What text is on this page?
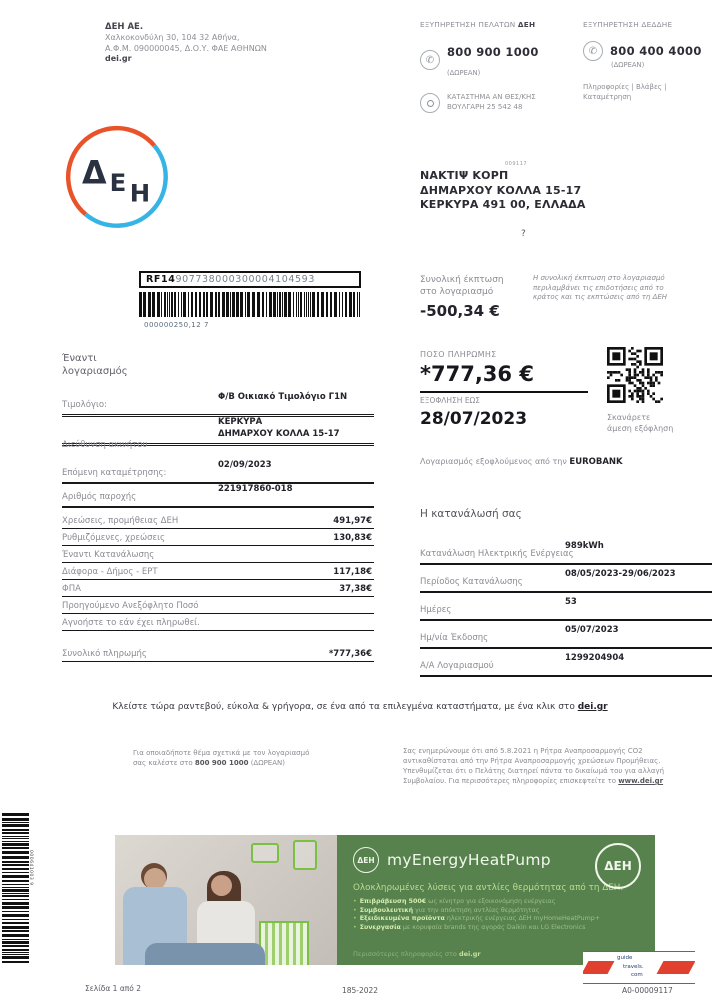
ΔΕΗ ΑΕ.
Χαλκοκονδύλη 30, 104 32 Αθήνα,
Α.Φ.Μ. 090000045, Δ.Ο.Υ. ΦΑΕ ΑΘΗΝΩΝ
dei.gr
ΕΞΥΠΗΡΕΤΗΣΗ ΠΕΛΑΤΩΝ ΔΕΗ
✆
800 900 1000 (ΔΩΡΕΑΝ)
ΚΑΤΑΣΤΗΜΑ ΑΝ ΘΕΣ/ΚΗΣ
ΒΟΥΛΓΑΡΗ 25 542 48
ΕΞΥΠΗΡΕΤΗΣΗ ΔΕΔΔΗΕ
✆	800 400 4000
(ΔΩΡΕΑΝ)
Πληροφορίες | Βλάβες |
Καταμέτρηση
Δ Ε Η
009117
ΝΑΚΤΙΨ ΚΟΡΠ
ΔΗΜΑΡΧΟΥ ΚΟΛΛΑ 15-17
ΚΕΡΚΥΡΑ 491 00, ΕΛΛΑΔΑ
?
RF14 907738000300004104593
000000250,12 7
Συνολική έκπτωση
στο λογαριασμό
-500,34 €
Η συνολική έκπτωση στο λογαριασμό περιλαμβάνει τις επιδοτήσεις από το κράτος και τις εκπτώσεις από τη ΔΕΗ
Έναντι
λογαριασμός
ΠΟΣΟ ΠΛΗΡΩΜΗΣ
*777,36 €
ΕΞΟΦΛΗΣΗ ΕΩΣ
28/07/2023	Σκανάρετε
άμεση εξόφληση
Λογαριασμός εξοφλούμενος από την EUROBANK
Τιμολόγιο:
Φ/Β Οικιακό Τιμολόγιο Γ1Ν
$_{\Delta\iota\varepsilon ύ\theta\upsilon\nu\sigma\eta \alpha\kappa\iota\nu ή\tau o\upsilon}$
ΚΕΡΚΥΡΑ
ΔΗΜΑΡΧΟΥ ΚΟΛΛΑ 15-17
Επόμενη καταμέτρησης:
02/09/2023
Αριθμός παροχής
221917860-018
Χρεώσεις, προμήθειας ΔΕΗ	491,97€
Ρυθμιζόμενες, χρεώσεις	130,83€
Έναντι Κατανάλωσης
Διάφορα - Δήμος - ΕΡΤ	117,18€
ΦΠΑ	37,38€
Προηγούμενο Ανεξόφλητο Ποσό
Αγνοήστε το εάν έχει πληρωθεί.
Συνολικό πληρωμής	*777,36€
Η κατανάλωσή σας
Κατανάλωση Ηλεκτρικής Ενέργειας
989kWh
Περίοδος Κατανάλωσης
08/05/2023-29/06/2023
Ημέρες
53
Ημ/νία Έκδοσης
05/07/2023
Α/Α Λογαριασμού
1299204904
Κλείστε τώρα ραντεβού, εύκολα & γρήγορα, σε ένα από τα επιλεγμένα καταστήματα, με ένα κλικ στο dei.gr
Για οποιαδήποτε θέμα σχετικά με τον λογαριασμό
σας καλέστε στο 800 900 1000 (ΔΩΡΕΑΝ)
Σας ενημερώνουμε ότι από 5.8.2021 η Ρήτρα Αναπροσαρμογής CO2 αντικαθίσταται από την Ρήτρα Αναπροσαρμογής χρεώσεων Προμήθειας. Υπενθυμίζεται ότι ο Πελάτης διατηρεί πάντα το δικαίωμά του για αλλαγή Συμβολαίου. Για περισσότερες πληροφορίες επισκεφτείτε το www.dei.gr
000641003 9	ΔΕΗ myEnergyHeatPump	ΔΕΗ
Ολοκληρωμένες λύσεις για αντλίες θερμότητας από τη ΔΕΗ.
• Επιβράβευση 500€ ως κίνητρο για εξοικονόμηση ενέργειας
• Συμβουλευτική για την απόκτηση αντλίας θερμότητας
• Εξειδικευμένα προϊόντα ηλεκτρικής ενέργειας ΔΕΗ myHomeHeatPump+
• Συνεργασία με κορυφαία brands της αγοράς Daikin και LG Electronics
Περισσότερες πληροφορίες στο dei.gr	guide
travels.
com
Σελίδα 1 από 2	185-2022	Α0-00009117
